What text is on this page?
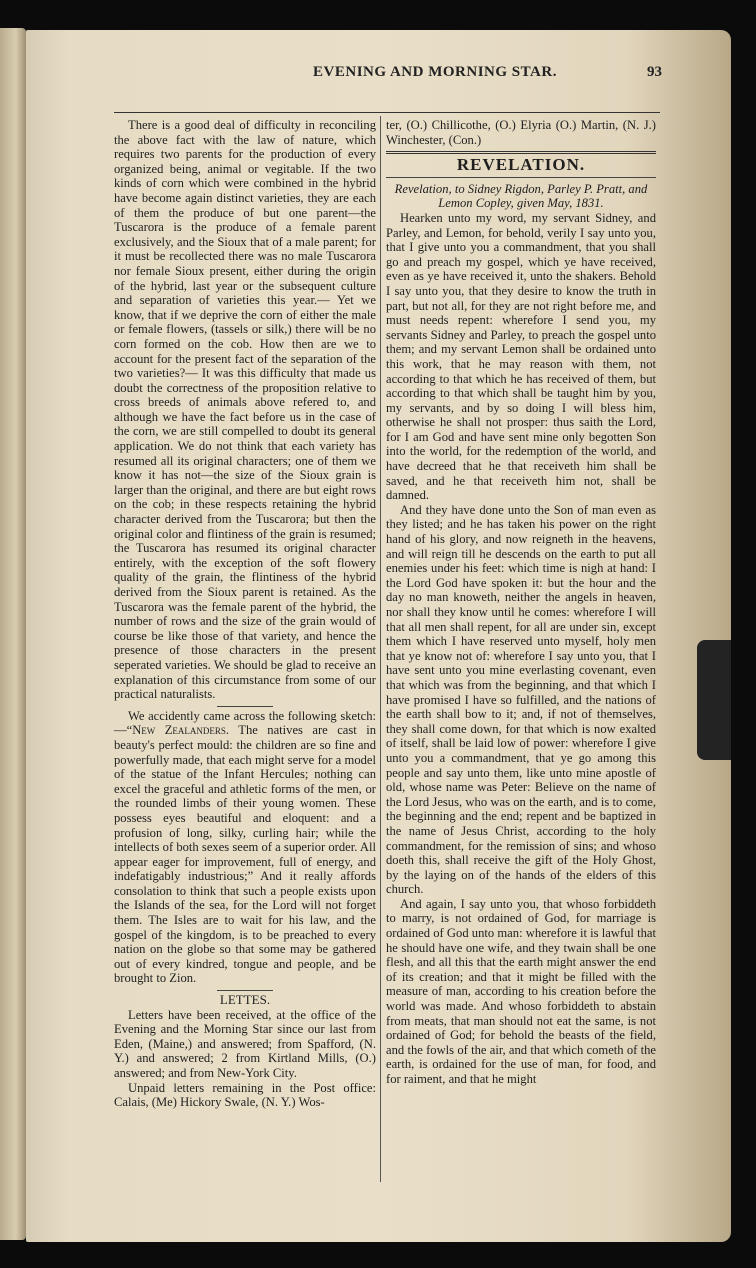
EVENING AND MORNING STAR.	93

There is a good deal of difficulty in reconciling the above fact with the law of nature, which requires two parents for the production of every organized being, animal or vegitable. If the two kinds of corn which were combined in the hybrid have become again distinct varieties, they are each of them the produce of but one parent—the Tuscarora is the produce of a female parent exclusively, and the Sioux that of a male parent; for it must be recollected there was no male Tuscarora nor female Sioux present, either during the origin of the hybrid, last year or the subsequent culture and separation of varieties this year.— Yet we know, that if we deprive the corn of either the male or female flowers, (tassels or silk,) there will be no corn formed on the cob. How then are we to account for the present fact of the separation of the two varieties?— It was this difficulty that made us doubt the correctness of the proposition relative to cross breeds of animals above refered to, and although we have the fact before us in the case of the corn, we are still compelled to doubt its general application. We do not think that each variety has resumed all its original characters; one of them we know it has not—the size of the Sioux grain is larger than the original, and there are but eight rows on the cob; in these respects retaining the hybrid character derived from the Tuscarora; but then the original color and flintiness of the grain is resumed; the Tuscarora has resumed its original character entirely, with the exception of the soft flowery quality of the grain, the flintiness of the hybrid derived from the Sioux parent is retained. As the Tuscarora was the female parent of the hybrid, the number of rows and the size of the grain would of course be like those of that variety, and hence the presence of those characters in the present seperated varieties. We should be glad to receive an explanation of this circumstance from some of our practical naturalists.

We accidently came across the following sketch:—“New Zealanders. The natives are cast in beauty's perfect mould: the children are so fine and powerfully made, that each might serve for a model of the statue of the Infant Hercules; nothing can excel the graceful and athletic forms of the men, or the rounded limbs of their young women. These possess eyes beautiful and eloquent: and a profusion of long, silky, curling hair; while the intellects of both sexes seem of a superior order. All appear eager for improvement, full of energy, and indefatigably industrious;” And it really affords consolation to think that such a people exists upon the Islands of the sea, for the Lord will not forget them. The Isles are to wait for his law, and the gospel of the kingdom, is to be preached to every nation on the globe so that some may be gathered out of every kindred, tongue and people, and be brought to Zion.

LETTES.

Letters have been received, at the office of the Evening and the Morning Star since our last from Eden, (Maine,) and answered; from Spafford, (N. Y.) and answered; 2 from Kirtland Mills, (O.) answered; and from New-York City.

Unpaid letters remaining in the Post office: Calais, (Me) Hickory Swale, (N. Y.) Wos-

ter, (O.) Chillicothe, (O.) Elyria (O.) Martin, (N. J.) Winchester, (Con.)

REVELATION.

Revelation, to Sidney Rigdon, Parley P. Pratt, and Lemon Copley, given May, 1831.

Hearken unto my word, my servant Sidney, and Parley, and Lemon, for behold, verily I say unto you, that I give unto you a commandment, that you shall go and preach my gospel, which ye have received, even as ye have received it, unto the shakers. Behold I say unto you, that they desire to know the truth in part, but not all, for they are not right before me, and must needs repent: wherefore I send you, my servants Sidney and Parley, to preach the gospel unto them; and my servant Lemon shall be ordained unto this work, that he may reason with them, not according to that which he has received of them, but according to that which shall be taught him by you, my servants, and by so doing I will bless him, otherwise he shall not prosper: thus saith the Lord, for I am God and have sent mine only begotten Son into the world, for the redemption of the world, and have decreed that he that receiveth him shall be saved, and he that receiveth him not, shall be damned.

And they have done unto the Son of man even as they listed; and he has taken his power on the right hand of his glory, and now reigneth in the heavens, and will reign till he descends on the earth to put all enemies under his feet: which time is nigh at hand: I the Lord God have spoken it: but the hour and the day no man knoweth, neither the angels in heaven, nor shall they know until he comes: wherefore I will that all men shall repent, for all are under sin, except them which I have reserved unto myself, holy men that ye know not of: wherefore I say unto you, that I have sent unto you mine everlasting covenant, even that which was from the beginning, and that which I have promised I have so fulfilled, and the nations of the earth shall bow to it; and, if not of themselves, they shall come down, for that which is now exalted of itself, shall be laid low of power: wherefore I give unto you a commandment, that ye go among this people and say unto them, like unto mine apostle of old, whose name was Peter: Believe on the name of the Lord Jesus, who was on the earth, and is to come, the beginning and the end; repent and be baptized in the name of Jesus Christ, according to the holy commandment, for the remission of sins; and whoso doeth this, shall receive the gift of the Holy Ghost, by the laying on of the hands of the elders of this church.

And again, I say unto you, that whoso forbiddeth to marry, is not ordained of God, for marriage is ordained of God unto man: wherefore it is lawful that he should have one wife, and they twain shall be one flesh, and all this that the earth might answer the end of its creation; and that it might be filled with the measure of man, according to his creation before the world was made. And whoso forbiddeth to abstain from meats, that man should not eat the same, is not ordained of God; for behold the beasts of the field, and the fowls of the air, and that which cometh of the earth, is ordained for the use of man, for food, and for raiment, and that he might
